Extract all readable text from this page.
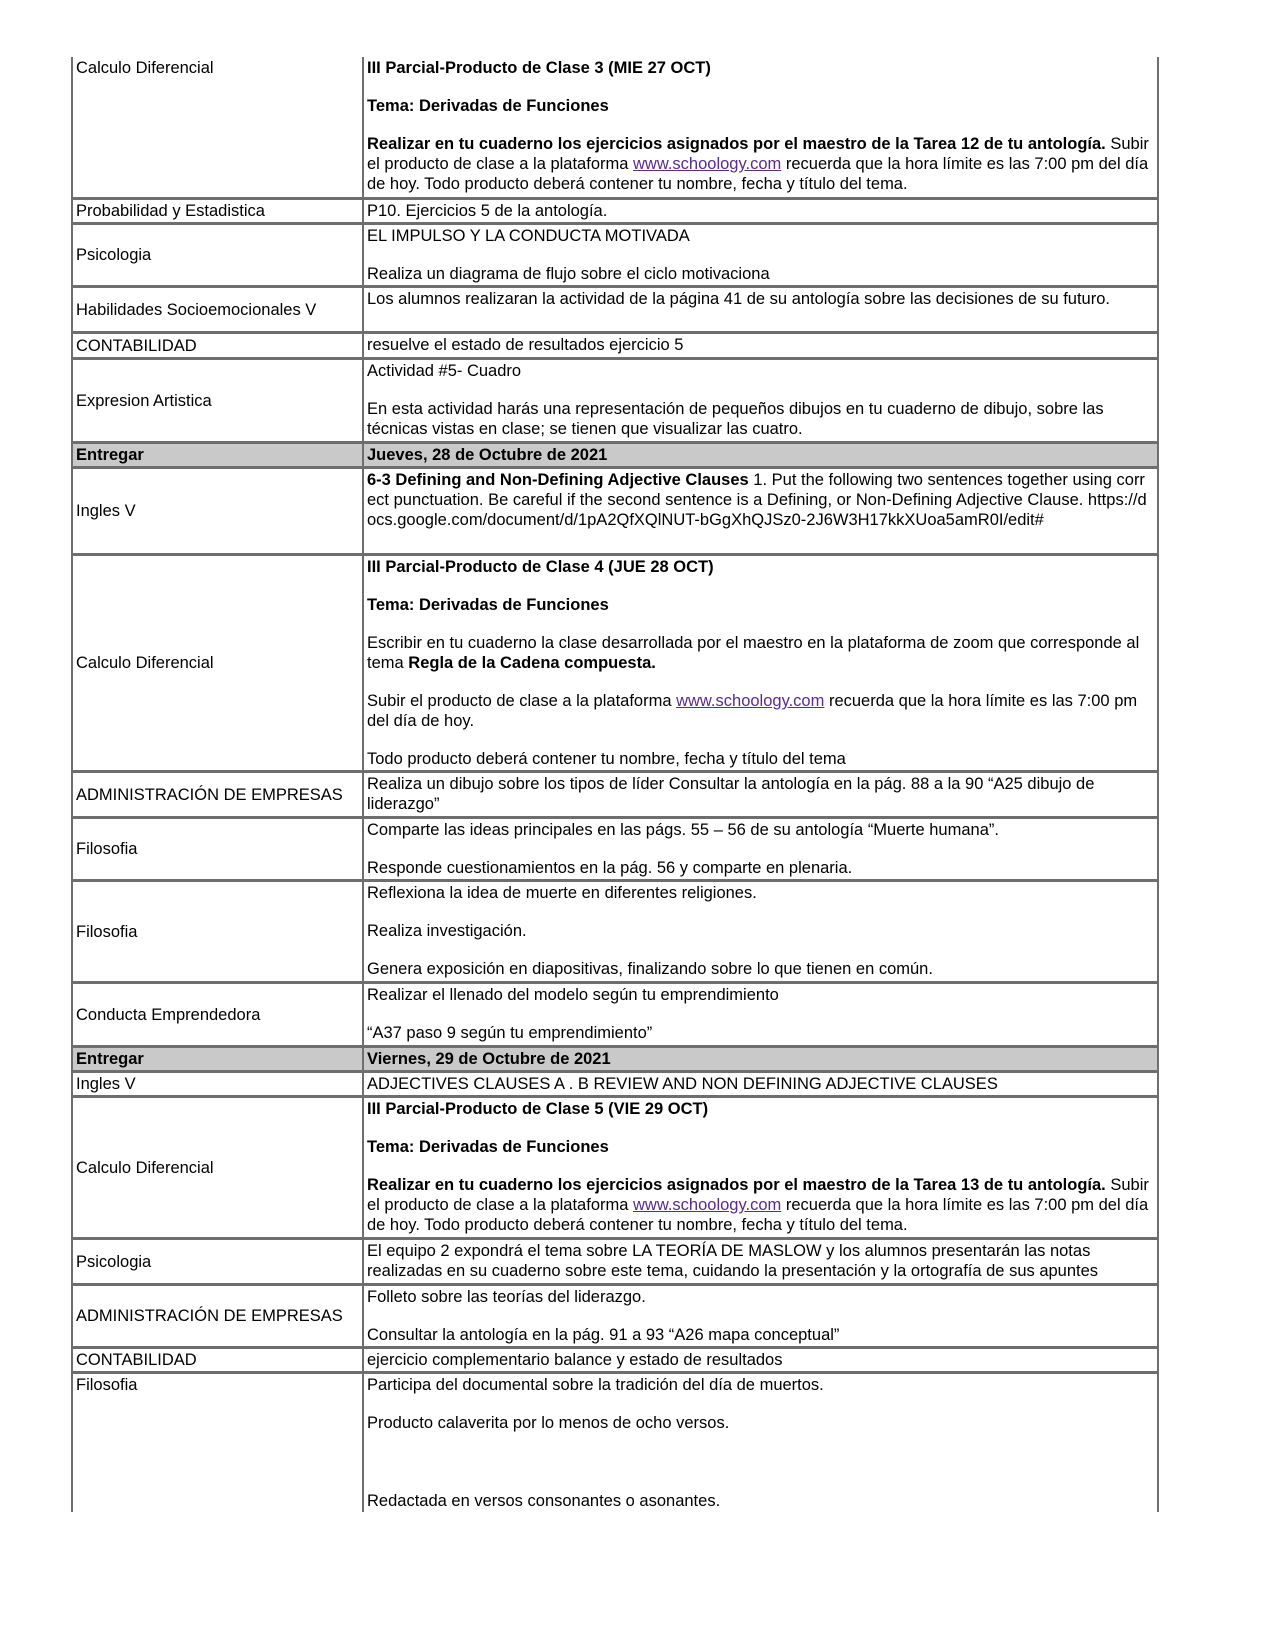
Calculo Diferencial	III Parcial-Producto de Clase 3 (MIE 27 OCT)

Tema: Derivadas de Funciones

Realizar en tu cuaderno los ejercicios asignados por el maestro de la Tarea 12 de tu antología. Subir el producto de clase a la plataforma www.schoology.com recuerda que la hora límite es las 7:00 pm del día de hoy. Todo producto deberá contener tu nombre, fecha y título del tema.

Probabilidad y Estadistica	P10. Ejercicios 5 de la antología.

Psicologia	EL IMPULSO Y LA CONDUCTA MOTIVADA

Realiza un diagrama de flujo sobre el ciclo motivaciona

Habilidades Socioemocionales V	Los alumnos realizaran la actividad de la página 41 de su antología sobre las decisiones de su futuro.

CONTABILIDAD	resuelve el estado de resultados ejercicio 5

Expresion Artistica	Actividad #5- Cuadro

En esta actividad harás una representación de pequeños dibujos en tu cuaderno de dibujo, sobre las técnicas vistas en clase; se tienen que visualizar las cuatro.

Entregar	Jueves, 28 de Octubre de 2021
Ingles V	6-3 Defining and Non-Defining Adjective Clauses 1. Put the following two sentences together using correct punctuation. Be careful if the second sentence is a Defining, or Non-Defining Adjective Clause. https://docs.google.com/document/d/1pA2QfXQlNUT-bGgXhQJSz0-2J6W3H17kkXUoa5amR0I/edit#

Calculo Diferencial	III Parcial-Producto de Clase 4 (JUE 28 OCT)

Tema: Derivadas de Funciones

Escribir en tu cuaderno la clase desarrollada por el maestro en la plataforma de zoom que corresponde al tema Regla de la Cadena compuesta.

Subir el producto de clase a la plataforma www.schoology.com recuerda que la hora límite es las 7:00 pm del día de hoy.

Todo producto deberá contener tu nombre, fecha y título del tema

ADMINISTRACIÓN DE EMPRESAS	Realiza un dibujo sobre los tipos de líder Consultar la antología en la pág. 88 a la 90 “A25 dibujo de liderazgo”

Filosofia	Comparte las ideas principales en las págs. 55 – 56 de su antología “Muerte humana”.

Responde cuestionamientos en la pág. 56 y comparte en plenaria.

Filosofia	Reflexiona la idea de muerte en diferentes religiones.

Realiza investigación.

Genera exposición en diapositivas, finalizando sobre lo que tienen en común.

Conducta Emprendedora	Realizar el llenado del modelo según tu emprendimiento

“A37 paso 9 según tu emprendimiento”

Entregar	Viernes, 29 de Octubre de 2021
Ingles V	ADJECTIVES CLAUSES A . B REVIEW AND NON DEFINING ADJECTIVE CLAUSES

Calculo Diferencial	III Parcial-Producto de Clase 5 (VIE 29 OCT)

Tema: Derivadas de Funciones

Realizar en tu cuaderno los ejercicios asignados por el maestro de la Tarea 13 de tu antología. Subir el producto de clase a la plataforma www.schoology.com recuerda que la hora límite es las 7:00 pm del día de hoy. Todo producto deberá contener tu nombre, fecha y título del tema.

Psicologia	El equipo 2 expondrá el tema sobre LA TEORÍA DE MASLOW y los alumnos presentarán las notas realizadas en su cuaderno sobre este tema, cuidando la presentación y la ortografía de sus apuntes

ADMINISTRACIÓN DE EMPRESAS	Folleto sobre las teorías del liderazgo.

Consultar la antología en la pág. 91 a 93 “A26 mapa conceptual”

CONTABILIDAD	ejercicio complementario balance y estado de resultados

Filosofia	Participa del documental sobre la tradición del día de muertos.

Producto calaverita por lo menos de ocho versos.

Redactada en versos consonantes o asonantes.
